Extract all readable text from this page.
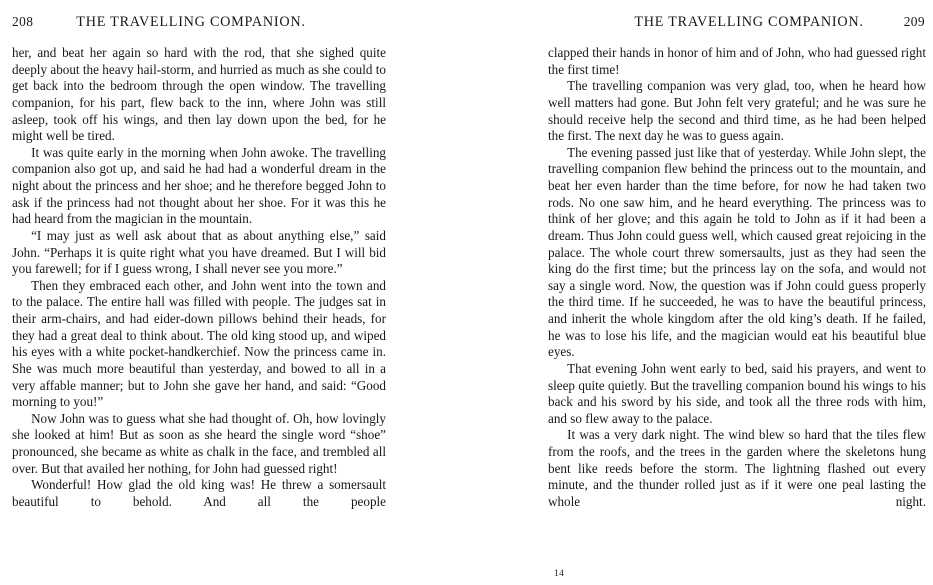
208	THE TRAVELLING COMPANION.

her, and beat her again so hard with the rod, that she sighed quite deeply about the heavy hail-storm, and hurried as much as she could to get back into the bedroom through the open window. The travelling companion, for his part, flew back to the inn, where John was still asleep, took off his wings, and then lay down upon the bed, for he might well be tired.

It was quite early in the morning when John awoke. The travelling companion also got up, and said he had had a wonderful dream in the night about the princess and her shoe; and he therefore begged John to ask if the princess had not thought about her shoe. For it was this he had heard from the magician in the mountain.

“I may just as well ask about that as about anything else,” said John. “Perhaps it is quite right what you have dreamed. But I will bid you farewell; for if I guess wrong, I shall never see you more.”

Then they embraced each other, and John went into the town and to the palace. The entire hall was filled with people. The judges sat in their arm-chairs, and had eider-down pillows behind their heads, for they had a great deal to think about. The old king stood up, and wiped his eyes with a white pocket-handkerchief. Now the princess came in. She was much more beautiful than yesterday, and bowed to all in a very affable manner; but to John she gave her hand, and said: “Good morning to you!”

Now John was to guess what she had thought of. Oh, how lovingly she looked at him! But as soon as she heard the single word “shoe” pronounced, she became as white as chalk in the face, and trembled all over. But that availed her nothing, for John had guessed right!

Wonderful! How glad the old king was! He threw a somersault beautiful to behold. And all the people

THE TRAVELLING COMPANION.	209

clapped their hands in honor of him and of John, who had guessed right the first time!

The travelling companion was very glad, too, when he heard how well matters had gone. But John felt very grateful; and he was sure he should receive help the second and third time, as he had been helped the first. The next day he was to guess again.

The evening passed just like that of yesterday. While John slept, the travelling companion flew behind the princess out to the mountain, and beat her even harder than the time before, for now he had taken two rods. No one saw him, and he heard everything. The princess was to think of her glove; and this again he told to John as if it had been a dream. Thus John could guess well, which caused great rejoicing in the palace. The whole court threw somersaults, just as they had seen the king do the first time; but the princess lay on the sofa, and would not say a single word. Now, the question was if John could guess properly the third time. If he succeeded, he was to have the beautiful princess, and inherit the whole kingdom after the old king’s death. If he failed, he was to lose his life, and the magician would eat his beautiful blue eyes.

That evening John went early to bed, said his prayers, and went to sleep quite quietly. But the travelling companion bound his wings to his back and his sword by his side, and took all the three rods with him, and so flew away to the palace.

It was a very dark night. The wind blew so hard that the tiles flew from the roofs, and the trees in the garden where the skeletons hung bent like reeds before the storm. The lightning flashed out every minute, and the thunder rolled just as if it were one peal lasting the whole night.

14
